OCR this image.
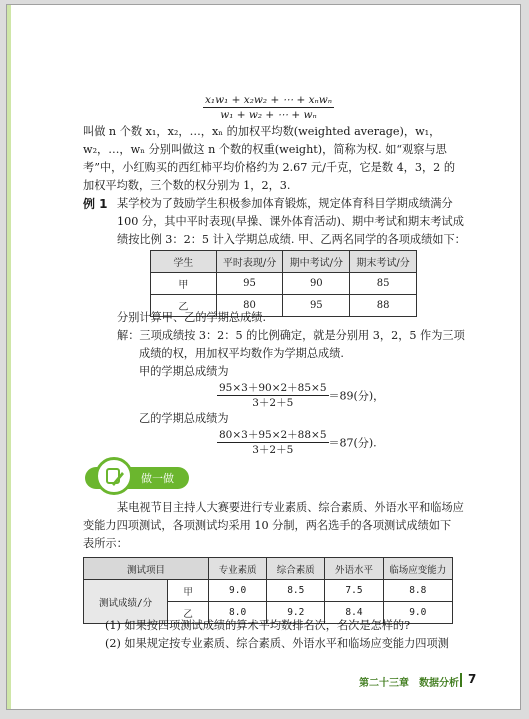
$\frac{\text{x₁w₁ + x₂w₂ + ⋯ + xₙwₙ}}{\text{w₁ + w₂ + ⋯ + wₙ}}$
叫做 n 个数 x₁，x₂，…，xₙ 的加权平均数(weighted average)，w₁，
w₂，…，wₙ 分别叫做这 n 个数的权重(weight)，简称为权. 如“观察与思
考”中，小红购买的西红柿平均价格约为 2.67 元/千克，它是数 4，3，2 的
加权平均数，三个数的权分别为 1，2，3.
例 1 某学校为了鼓励学生积极参加体育锻炼，规定体育科目学期成绩满分
100 分，其中平时表现(早操、课外体育活动)、期中考试和期末考试成
绩按比例 3：2：5 计入学期总成绩. 甲、乙两名同学的各项成绩如下：
学生	平时表现/分	期中考试/分	期末考试/分
甲	95	90	85
乙	80	95	88
分别计算甲、乙的学期总成绩.
解：三项成绩按 3：2：5 的比例确定，就是分别用 3，2，5 作为三项
成绩的权，用加权平均数作为学期总成绩.
甲的学期总成绩为
$\frac{95\times 3+90\times 2+85\times 5}{3+2+5} =89$(分)，
乙的学期总成绩为
$\frac{80\times 3+95\times 2+88\times 5}{3+2+5} =87$(分).
做一做
某电视节目主持人大赛要进行专业素质、综合素质、外语水平和临场应
变能力四项测试，各项测试均采用 10 分制，两名选手的各项测试成绩如下
表所示：
测试项目		专业素质	综合素质	外语水平	临场应变能力
测试成绩/分	甲	9.0	8.5	7.5	8.8
	乙	8.0	9.2	8.4	9.0
(1) 如果按四项测试成绩的算术平均数排名次，名次是怎样的?
(2) 如果规定按专业素质、综合素质、外语水平和临场应变能力四项测
第二十三章　数据分析 7
